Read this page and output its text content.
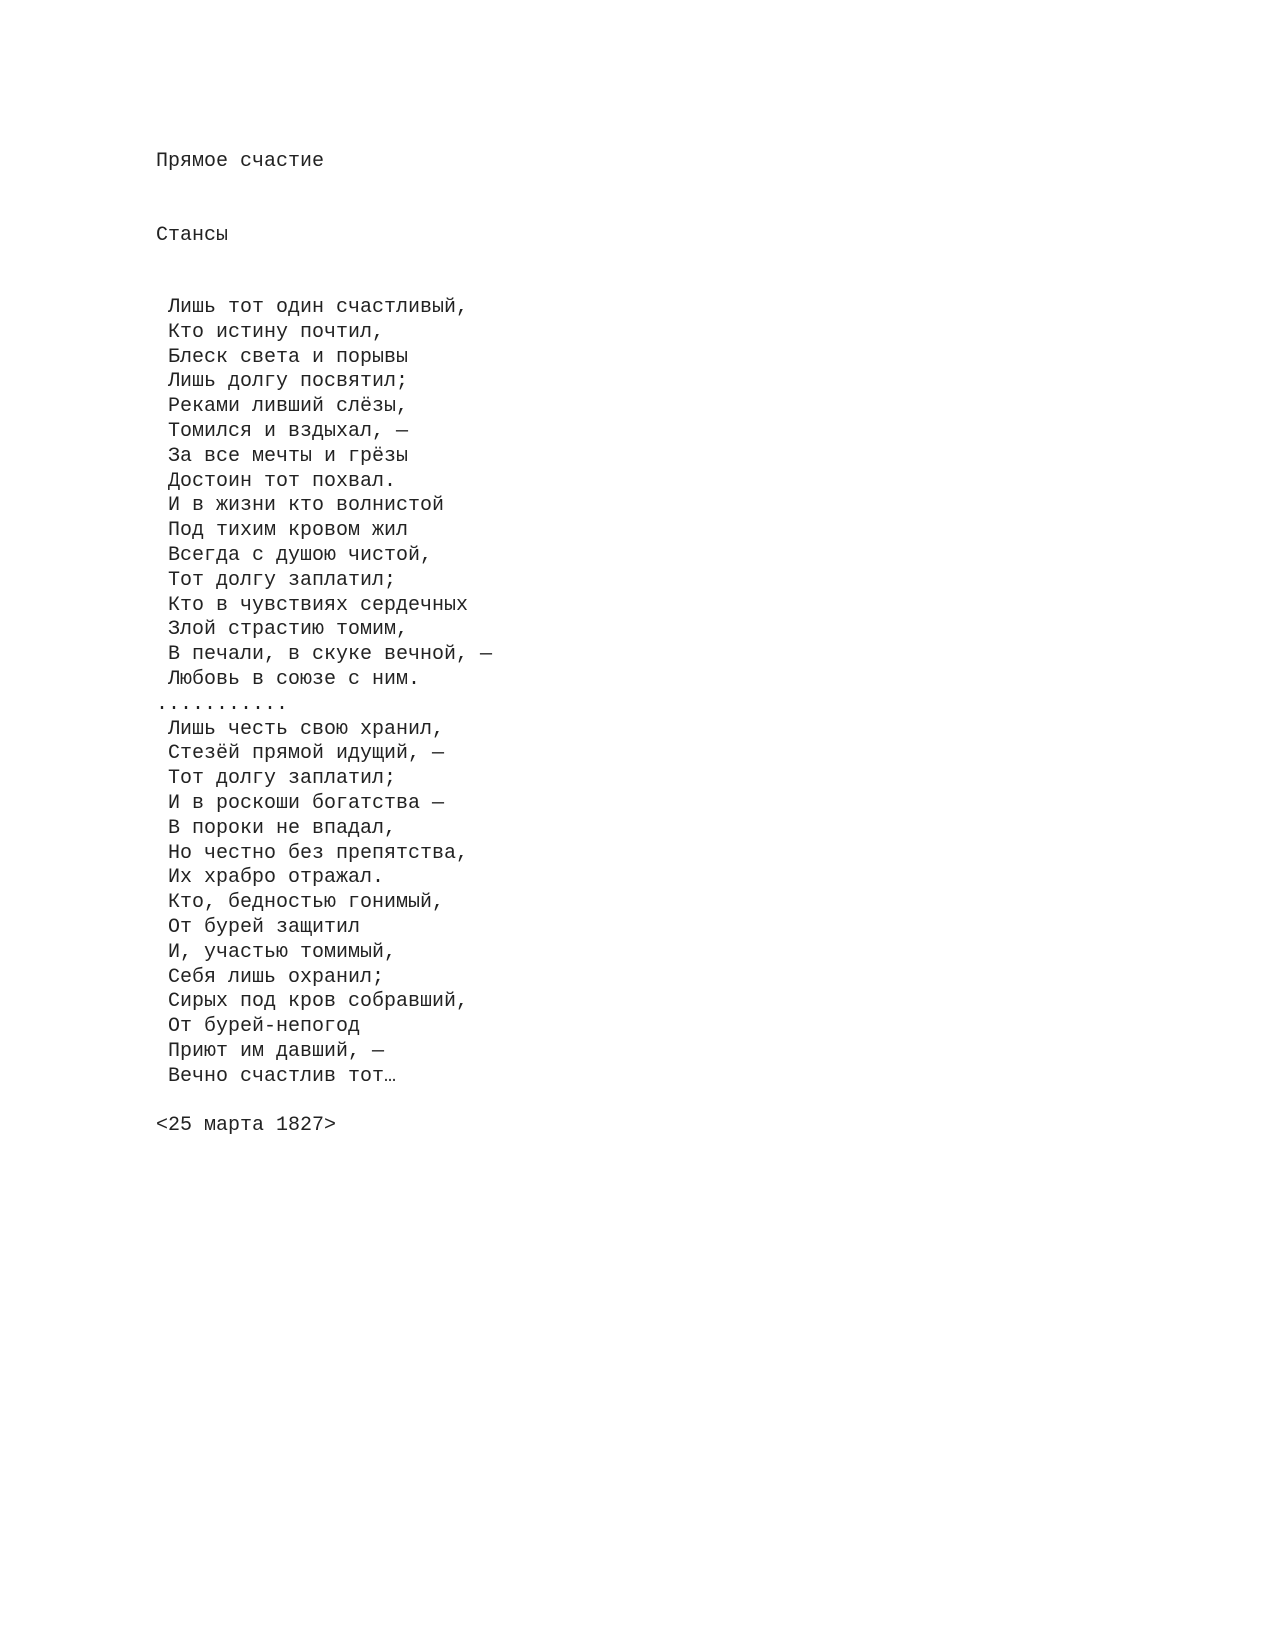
Прямое счастие
Стансы
Лишь тот один счастливый,
Кто истину почтил,
Блеск света и порывы
Лишь долгу посвятил;
Реками ливший слёзы,
Томился и вздыхал, —
За все мечты и грёзы
Достоин тот похвал.
И в жизни кто волнистой
Под тихим кровом жил
Всегда с душою чистой,
Тот долгу заплатил;
Кто в чувствиях сердечных
Злой страстию томим,
В печали, в скуке вечной, —
Любовь в союзе с ним.
...........
Лишь честь свою хранил,
Стезёй прямой идущий, —
Тот долгу заплатил;
И в роскоши богатства —
В пороки не впадал,
Но честно без препятства,
Их храбро отражал.
Кто, бедностью гонимый,
От бурей защитил
И, участью томимый,
Себя лишь охранил;
Сирых под кров собравший,
От бурей-непогод
Приют им давший, —
Вечно счастлив тот…
<25 марта 1827>
